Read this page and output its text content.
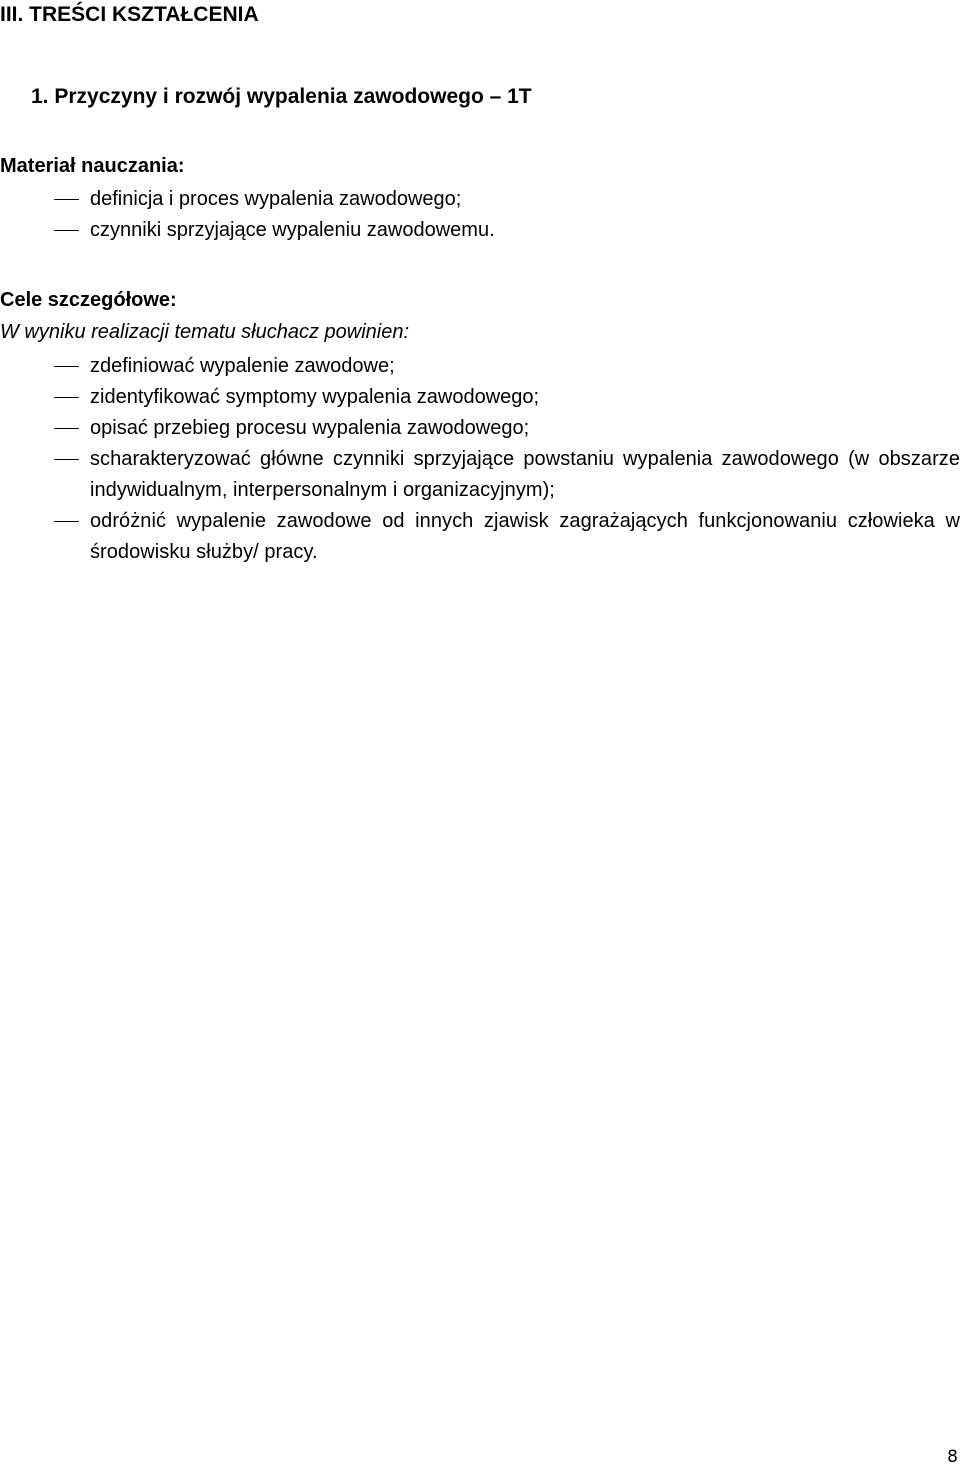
III. TREŚCI KSZTAŁCENIA
1. Przyczyny i rozwój wypalenia zawodowego – 1T

Materiał nauczania:

definicja i proces wypalenia zawodowego;
czynniki sprzyjające wypaleniu zawodowemu.

Cele szczegółowe:

W wyniku realizacji tematu słuchacz powinien:

zdefiniować wypalenie zawodowe;
zidentyfikować symptomy wypalenia zawodowego;
opisać przebieg procesu wypalenia zawodowego;
scharakteryzować główne czynniki sprzyjające powstaniu wypalenia zawodowego (w obszarze indywidualnym, interpersonalnym i organizacyjnym);
odróżnić wypalenie zawodowe od innych zjawisk zagrażających funkcjonowaniu człowieka w środowisku służby/ pracy.

8
